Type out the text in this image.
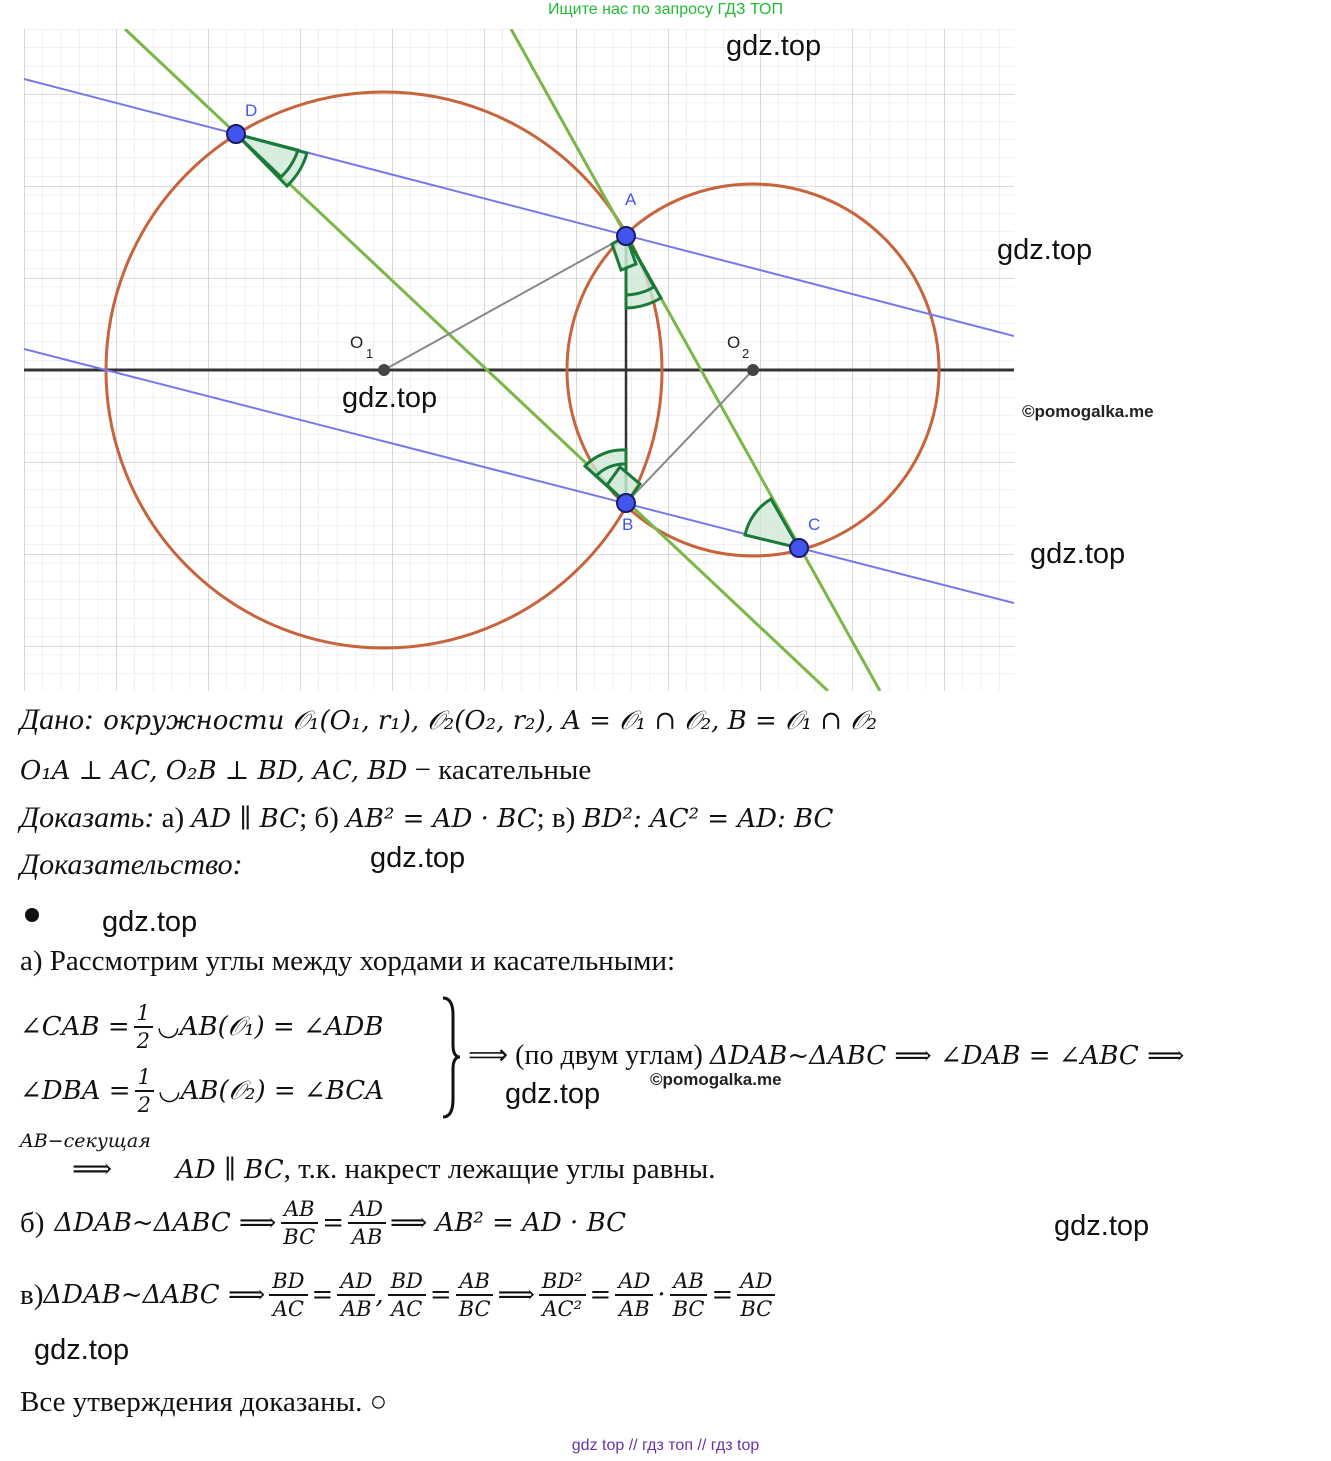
Ищите нас по запросу ГДЗ ТОП
D
A
B	C
O
1
O
2
gdz.top
gdz.top
gdz.top	©pomogalka.me
gdz.top
Дано: окружности 𝒪₁(O₁, r₁), 𝒪₂(O₂, r₂), A = 𝒪₁ ∩ 𝒪₂, B = 𝒪₁ ∩ 𝒪₂
O₁A ⊥ AC, O₂B ⊥ BD, AC, BD − касательные
Доказать: а) AD ∥ BC; б) AB² = AD · BC; в) BD²: AC² = AD: BC
Доказательство:	gdz.top
gdz.top
а) Рассмотрим углы между хордами и касательными:
∠CAB = $\frac{1}{2}$ ◡AB(𝒪₁) = ∠ADB
∠DBA = $\frac{1}{2}$ ◡AB(𝒪₂) = ∠BCA
⟹ (по двум углам) ΔDAB~ΔABC ⟹ ∠DAB = ∠ABC ⟹
©pomogalka.me
gdz.top
AB−секущая
⟹ AD ∥ BC, т.к. накрест лежащие углы равны.
б) ΔDAB~ΔABC ⟹ $\frac{AB}{BC} = \frac{AD}{AB}$ ⟹ AB² = AD · BC	gdz.top
в) ΔDAB~ΔABC ⟹ $\frac{BD}{AC} = \frac{AD}{AB}$ , $\frac{BD}{AC} = \frac{AB}{BC}$ ⟹ $\frac{\text{BD²}}{\text{AC²}} = \frac{AD}{AB} \cdot \frac{AB}{BC} = \frac{AD}{BC}$
gdz.top
Все утверждения доказаны. ○
gdz top // гдз топ // гдз top
